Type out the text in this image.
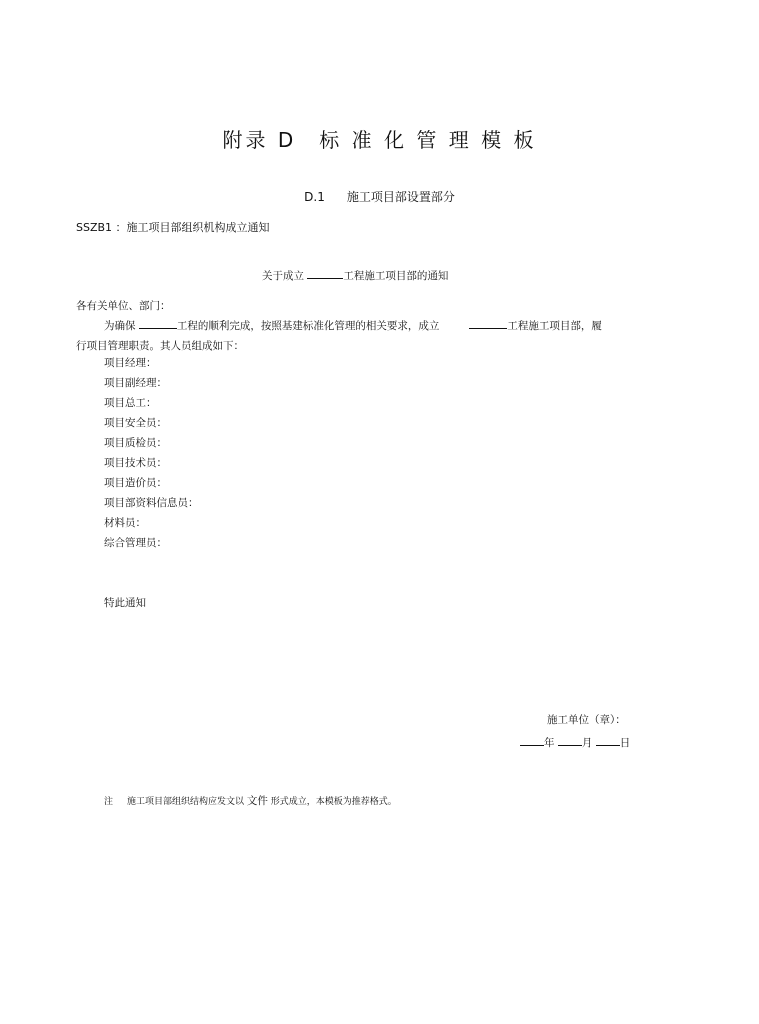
附录 D　标 准 化 管 理 模 板
D.1 施工项目部设置部分
SSZB1 ：施工项目部组织机构成立通知
关于成立	工程施工项目部的通知
各有关单位、部门：
为确保	工程的顺利完成，按照基建标准化管理的相关要求，成立	工程施工项目部，履
行项目管理职责。其人员组成如下：
项目经理：
项目副经理：
项目总工：
项目安全员：
项目质检员：
项目技术员：
项目造价员：
项目部资料信息员：
材料员：
综合管理员：
特此通知
施工单位（章）：
年	月	日
注 施工项目部组织结构应发文以 文件 形式成立，本模板为推荐格式。
